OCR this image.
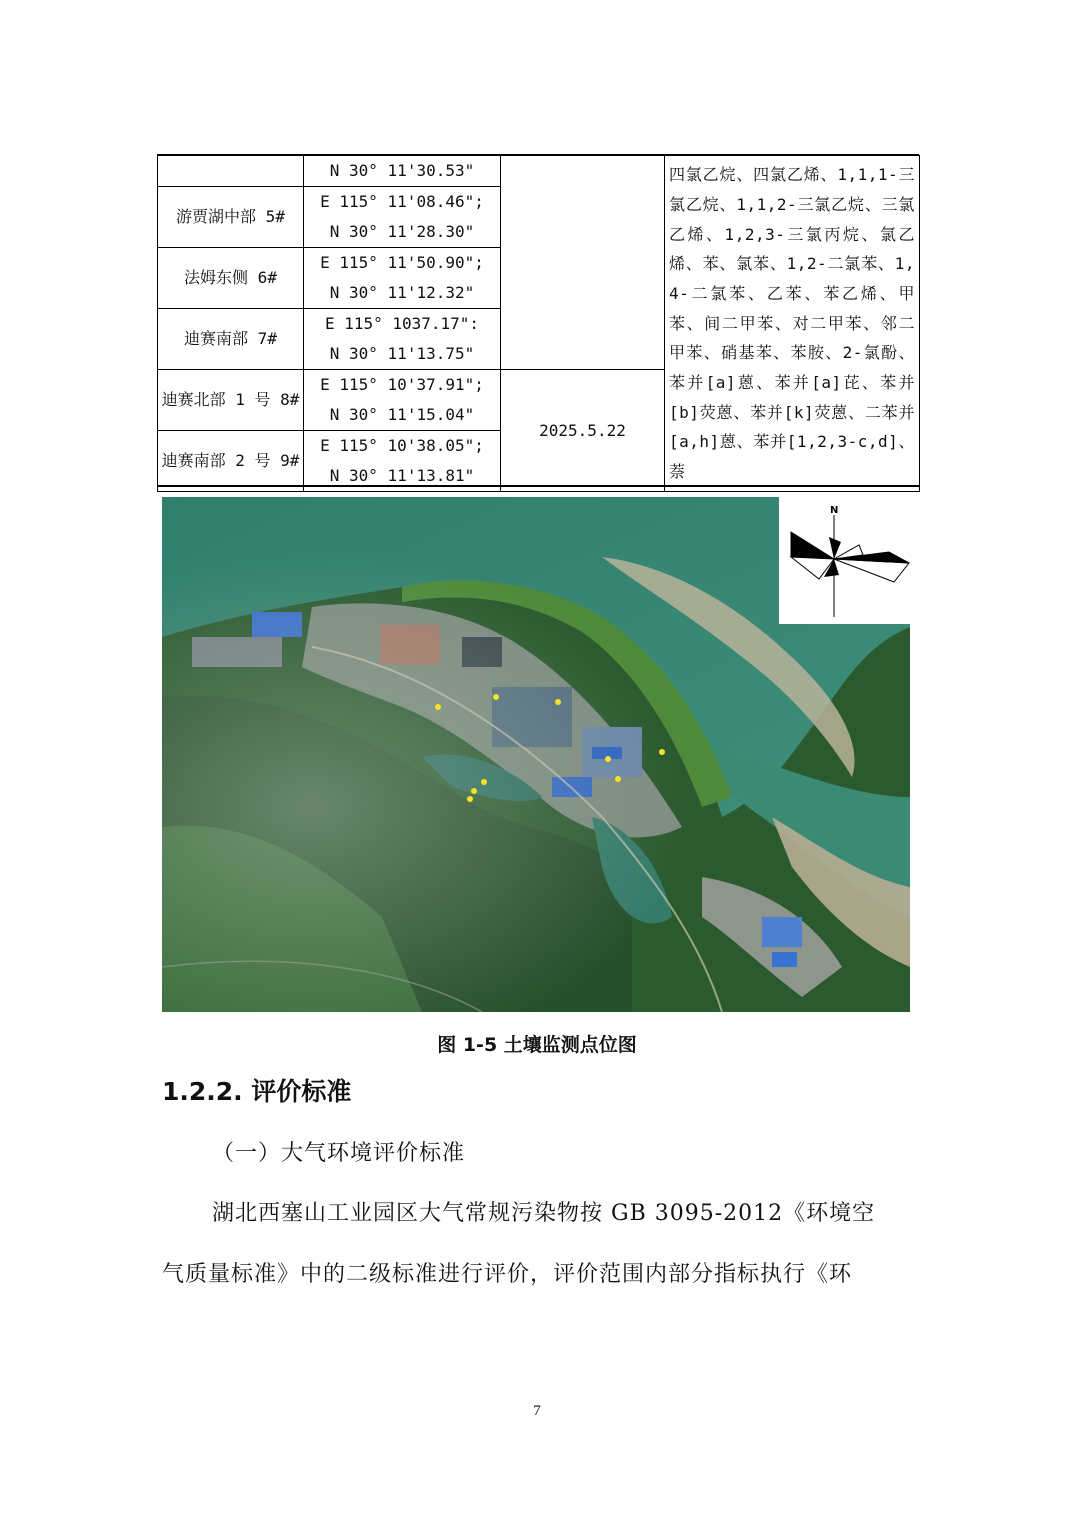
	N 30° 11'30.53"		四氯乙烷、四氯乙烯、1,1,1-三氯乙烷、1,1,2-三氯乙烷、三氯乙烯、1,2,3-三氯丙烷、氯乙烯、苯、氯苯、1,2-二氯苯、1,4-二氯苯、乙苯、苯乙烯、甲苯、间二甲苯、对二甲苯、邻二甲苯、硝基苯、苯胺、2-氯酚、苯并[a]蒽、苯并[a]芘、苯并[b]荧蒽、苯并[k]荧蒽、二苯并[a,h]蒽、苯并[1,2,3-c,d]、萘
游贾湖中部 5#	E 115° 11'08.46";
N 30° 11'28.30"		

法姆东侧 6#	E 115° 11'50.90";
N 30° 11'12.32"		

迪赛南部 7#	E 115° 1037.17":
N 30° 11'13.75"		

迪赛北部 1 号 8#	E 115° 10'37.91";
N 30° 11'15.04"	2025.5.22	
迪赛南部 2 号 9#	E 115° 10'38.05";
N 30° 11'13.81"		
N
图 1-5 土壤监测点位图
1.2.2. 评价标准
（一）大气环境评价标准
湖北西塞山工业园区大气常规污染物按 GB 3095-2012《环境空
气质量标准》中的二级标准进行评价，评价范围内部分指标执行《环
7
